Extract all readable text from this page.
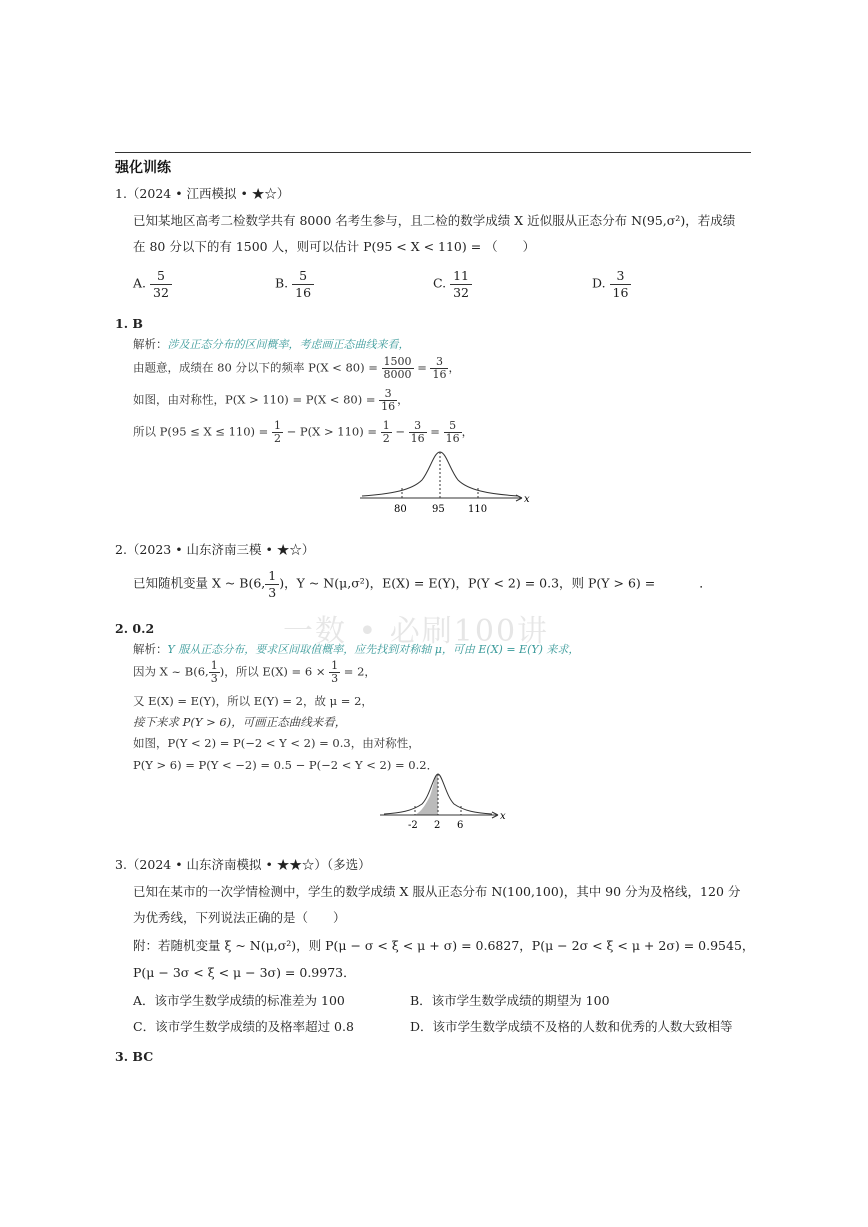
强化训练
1.（2024 • 江西模拟 • ★☆）
已知某地区高考二检数学共有 8000 名考生参与，且二检的数学成绩 X 近似服从正态分布 N(95,σ²)，若成绩
在 80 分以下的有 1500 人，则可以估计 P(95 < X < 110) = （　　）
A. $\frac{5}{32}$	B. $\frac{5}{16}$	C. $\frac{11}{32}$	D. $\frac{3}{16}$
1. B
解析：涉及正态分布的区间概率，考虑画正态曲线来看，
由题意，成绩在 80 分以下的频率 $P(X < 80) = \frac{1500}{8000} = \frac{3}{16}$ ，
如图，由对称性，$P(X > 110) = P(X < 80) = \frac{3}{16}$ ，
所以 $P(95 \le X \le 110) = \frac{1}{2} - P(X > 110) = \frac{1}{2} - \frac{3}{16} = \frac{5}{16}$ ，
x
80	95 110
2.（2023 • 山东济南三模 • ★☆）
已知随机变量 X ~ B(6, $\frac{1}{3}$ )，Y ~ N(μ,σ²)，E(X) = E(Y)，P(Y < 2) = 0.3，则 P(Y > 6) =	．
一数 • 必刷100讲
2. 0.2
解析：Y 服从正态分布，要求区间取值概率，应先找到对称轴 μ，可由 E(X) = E(Y) 来求，
因为 X ~ B(6, $\frac{1}{3}$ )，所以 $E(X) = 6 \times \frac{1}{3} = 2$，
又 E(X) = E(Y)，所以 E(Y) = 2，故 μ = 2，
接下来求 P(Y > 6)，可画正态曲线来看，
如图，P(Y < 2) = P(−2 < Y < 2) = 0.3，由对称性，
P(Y > 6) = P(Y < −2) = 0.5 − P(−2 < Y < 2) = 0.2．
x
-2 2 6
3.（2024 • 山东济南模拟 • ★★☆）（多选）
已知在某市的一次学情检测中，学生的数学成绩 X 服从正态分布 N(100,100)，其中 90 分为及格线，120 分
为优秀线，下列说法正确的是（　　）
附：若随机变量 ξ ~ N(μ,σ²)，则 P(μ − σ < ξ < μ + σ) = 0.6827，P(μ − 2σ < ξ < μ + 2σ) = 0.9545，
P(μ − 3σ < ξ < μ − 3σ) = 0.9973．
A．该市学生数学成绩的标准差为 100	B．该市学生数学成绩的期望为 100
C．该市学生数学成绩的及格率超过 0.8	D．该市学生数学成绩不及格的人数和优秀的人数大致相等
3. BC
